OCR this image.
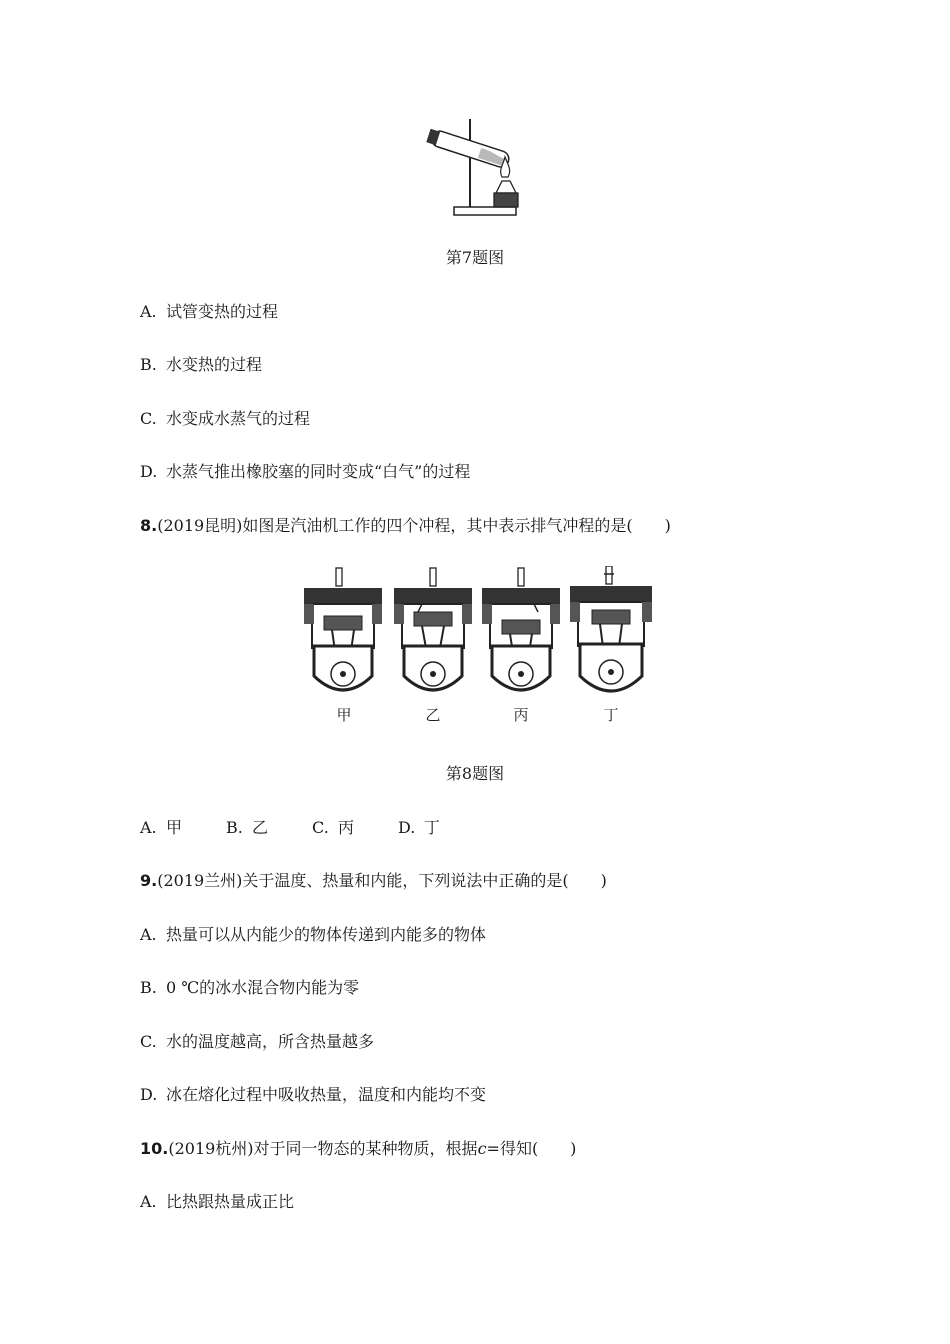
第7题图
A. 试管变热的过程
B. 水变热的过程
C. 水变成水蒸气的过程
D. 水蒸气推出橡胶塞的同时变成“白气”的过程
8.(2019昆明)如图是汽油机工作的四个冲程，其中表示排气冲程的是(　　)
甲	乙	丙	丁
第8题图
A. 甲	B. 乙	C. 丙	D. 丁
9.(2019兰州)关于温度、热量和内能，下列说法中正确的是(　　)
A. 热量可以从内能少的物体传递到内能多的物体
B. 0 ℃的冰水混合物内能为零
C. 水的温度越高，所含热量越多
D. 冰在熔化过程中吸收热量，温度和内能均不变
10.(2019杭州)对于同一物态的某种物质，根据c=得知(　　)
A. 比热跟热量成正比
